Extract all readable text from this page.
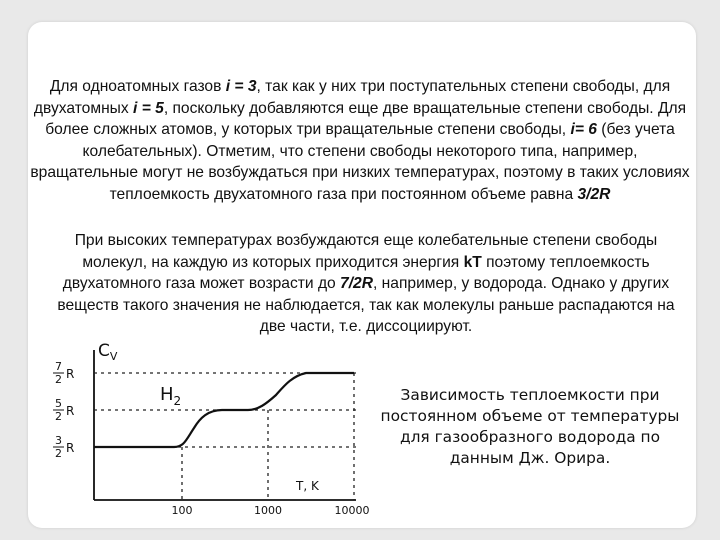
Для одноатомных газов i = 3, так как у них три поступательных степени свободы, для двухатомных i = 5, поскольку добавляются еще две вращательные степени свободы. Для более сложных атомов, у которых три вращательные степени свободы, i= 6 (без учета колебательных). Отметим, что степени свободы некоторого типа, например, вращательные могут не возбуждаться при низких температурах, поэтому в таких условиях теплоемкость двухатомного газа при постоянном объеме равна 3/2R

При высоких температурах возбуждаются еще колебательные степени свободы молекул, на каждую из которых приходится энергия kT поэтому теплоемкость двухатомного газа может возрасти до 7/2R, например, у водорода. Однако у других веществ такого значения не наблюдается, так как молекулы раньше распадаются на две части, т.е. диссоциируют.

$C_V$
7
2 R
5
2 R
3
2 R
$H_2$
T, K
100	1000	10000

Зависимость теплоемкости при постоянном объеме от температуры для газообразного водорода по данным Дж. Орира.
